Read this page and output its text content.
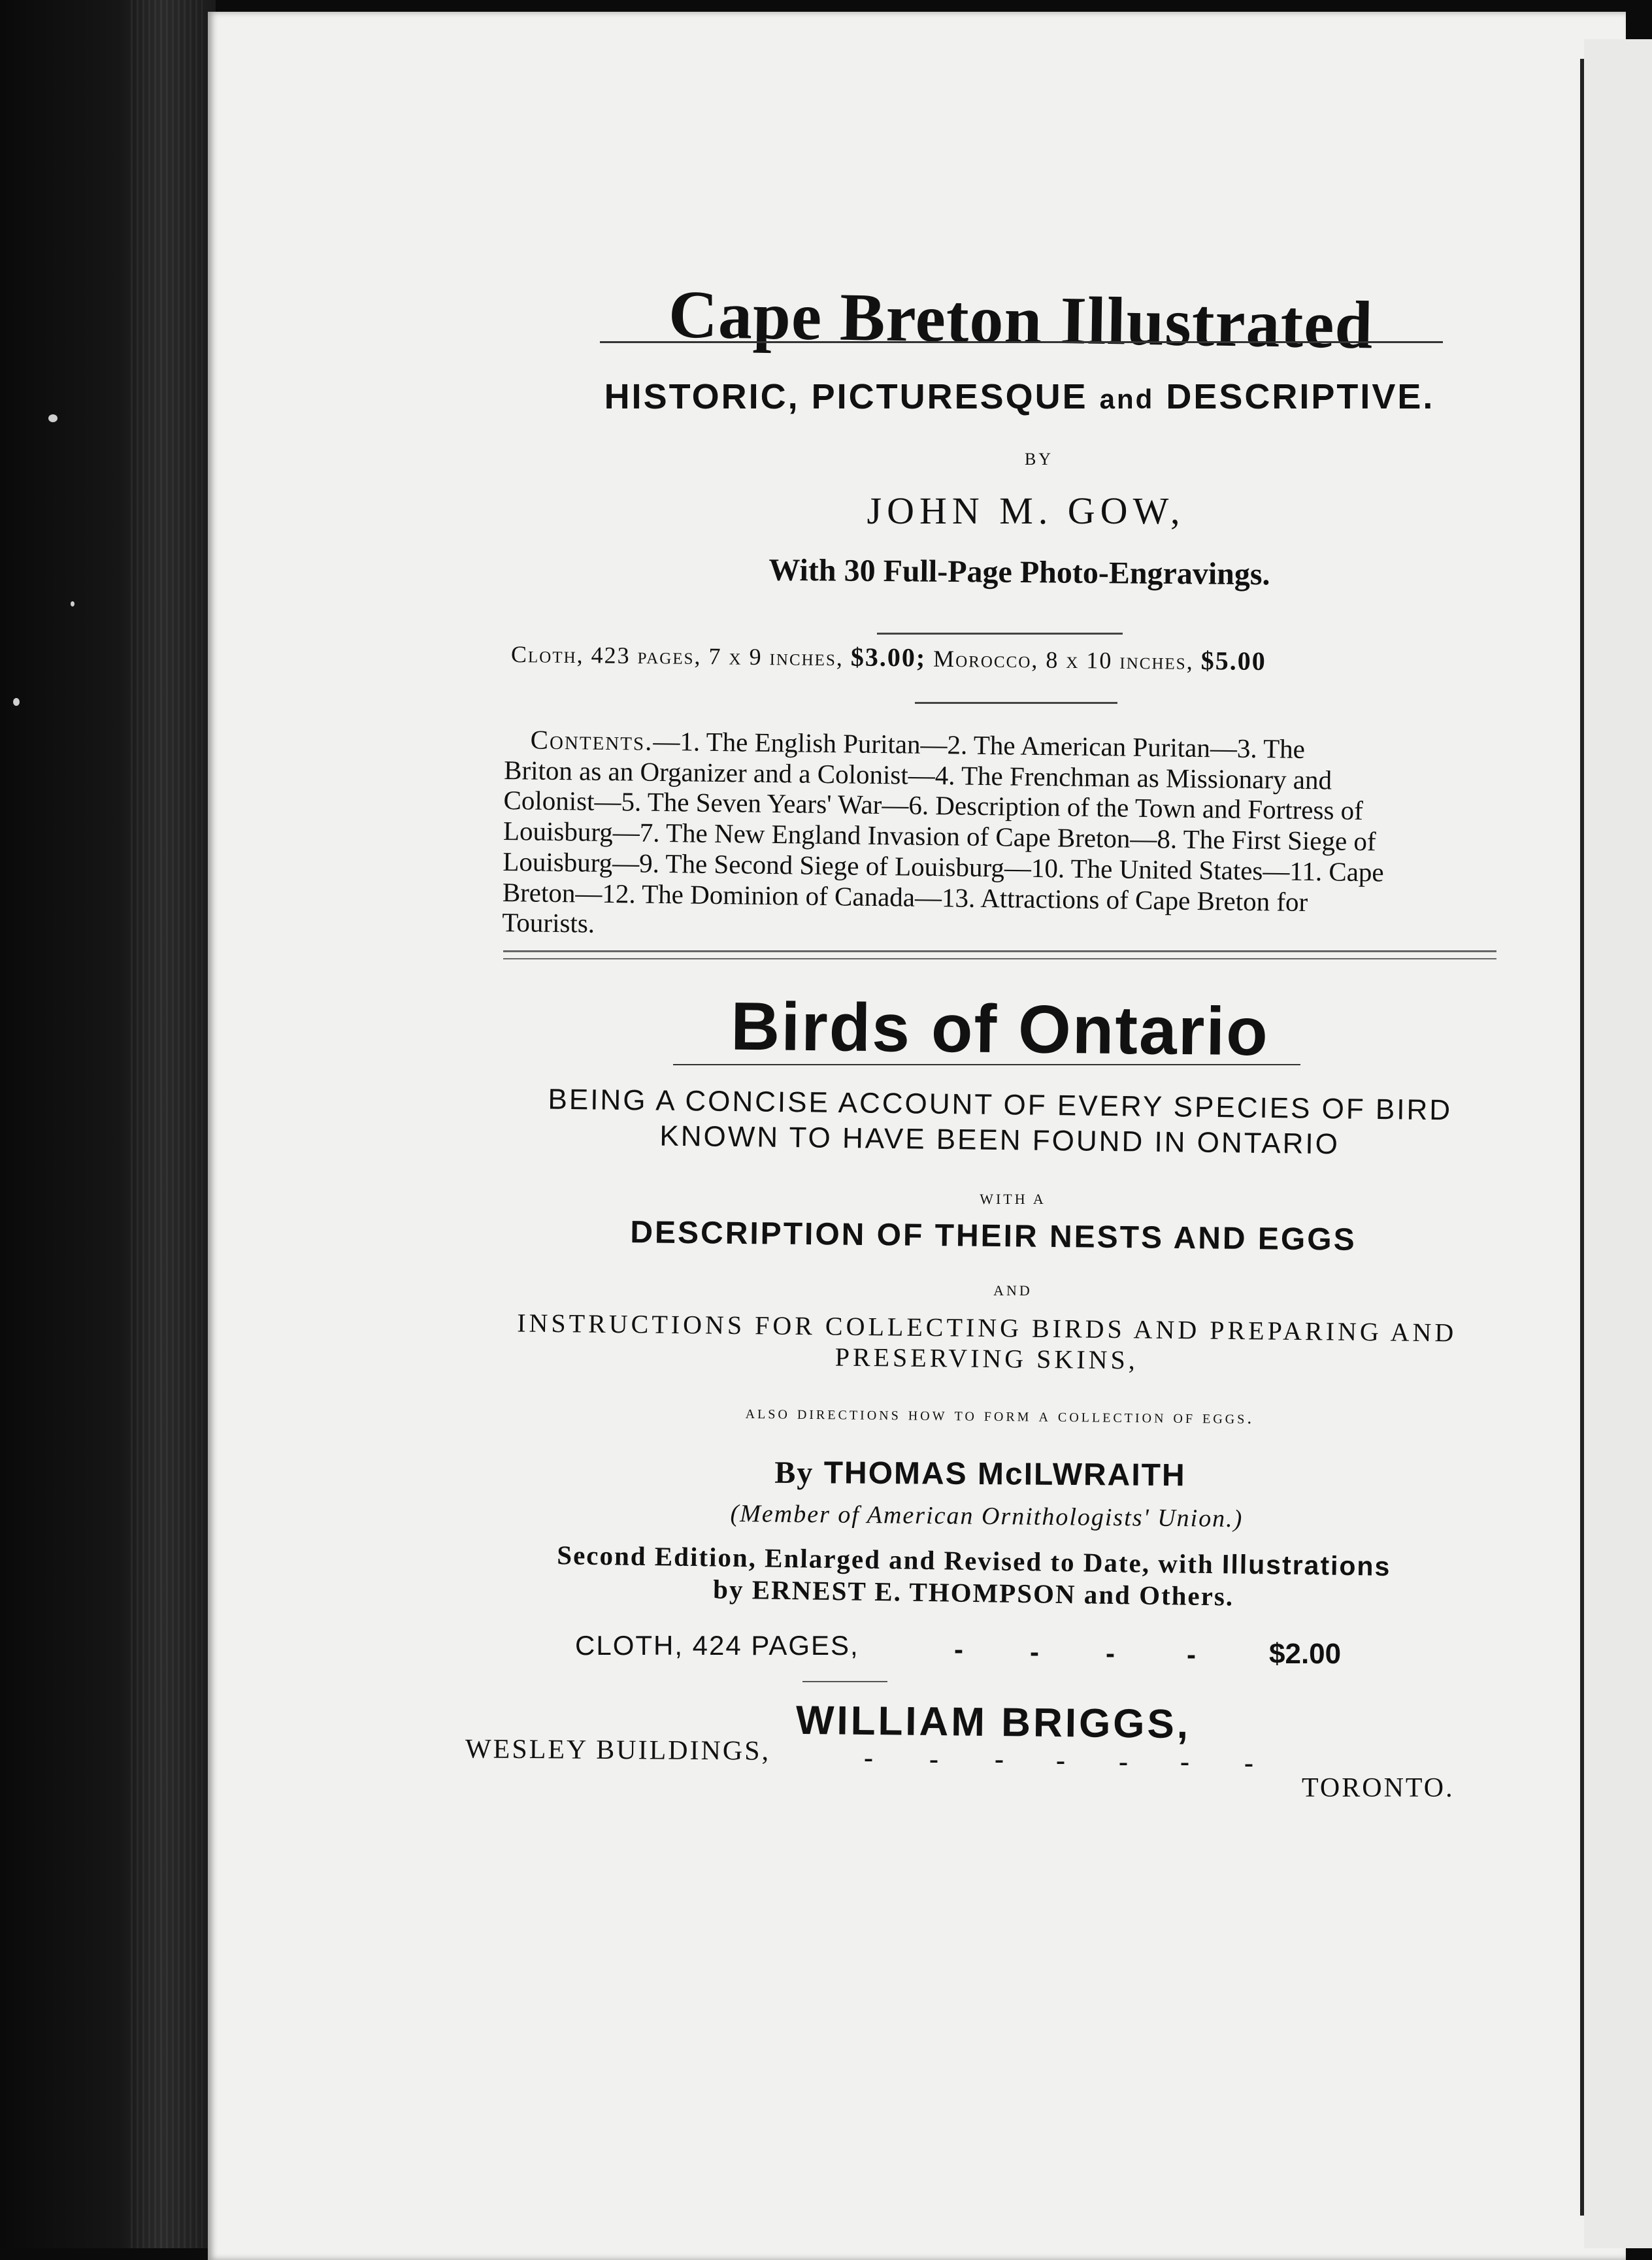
Cape Breton Illustrated
HISTORIC, PICTURESQUE and DESCRIPTIVE.
BY
JOHN M. GOW,
With 30 Full-Page Photo-Engravings.
Cloth, 423 pages, 7 x 9 inches, $3.00; Morocco, 8 x 10 inches, $5.00
Contents.—1. The English Puritan—2. The American Puritan—3. The
Briton as an Organizer and a Colonist—4. The Frenchman as Missionary and
Colonist—5. The Seven Years' War—6. Description of the Town and Fortress of
Louisburg—7. The New England Invasion of Cape Breton—8. The First Siege of
Louisburg—9. The Second Siege of Louisburg—10. The United States—11. Cape
Breton—12. The Dominion of Canada—13. Attractions of Cape Breton for
Tourists.
Birds of Ontario
BEING A CONCISE ACCOUNT OF EVERY SPECIES OF BIRD
KNOWN TO HAVE BEEN FOUND IN ONTARIO
WITH A
DESCRIPTION OF THEIR NESTS AND EGGS
AND
INSTRUCTIONS FOR COLLECTING BIRDS AND PREPARING AND
PRESERVING SKINS,
also directions how to form a collection of eggs.
By THOMAS McILWRAITH
(Member of American Ornithologists' Union.)
Second Edition, Enlarged and Revised to Date, with Illustrations
by ERNEST E. THOMPSON and Others.
CLOTH, 424 PAGES,	- - -	-	$2.00
WILLIAM BRIGGS,
WESLEY BUILDINGS,	- - - - - - -
TORONTO.
